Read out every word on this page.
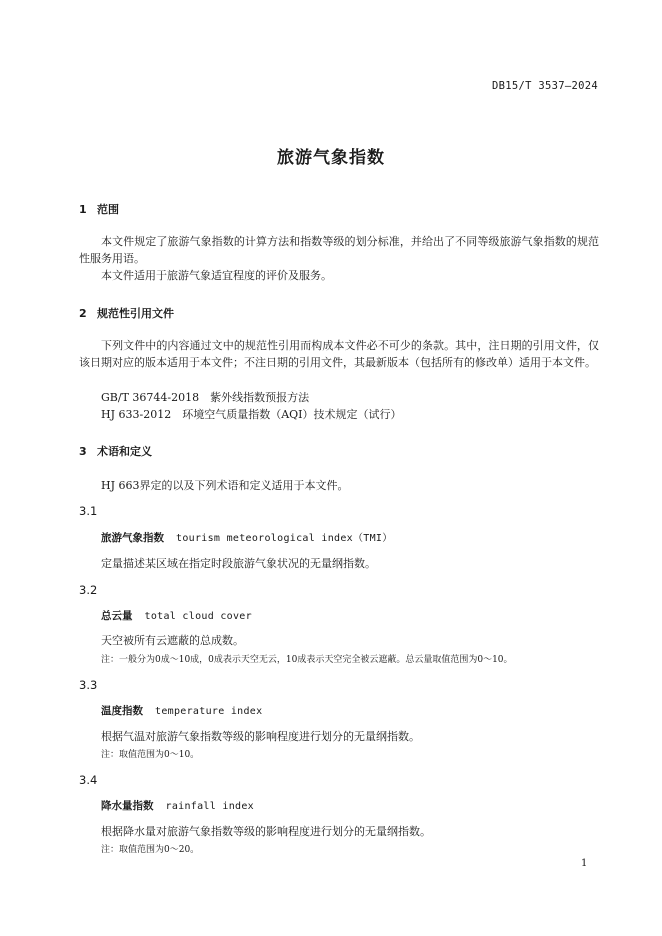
DB15/T 3537—2024
旅游气象指数
1 范围
本文件规定了旅游气象指数的计算方法和指数等级的划分标准，并给出了不同等级旅游气象指数的规范性服务用语。
本文件适用于旅游气象适宜程度的评价及服务。
2 规范性引用文件
下列文件中的内容通过文中的规范性引用而构成本文件必不可少的条款。其中，注日期的引用文件，仅该日期对应的版本适用于本文件；不注日期的引用文件，其最新版本（包括所有的修改单）适用于本文件。
GB/T 36744-2018　紫外线指数预报方法
HJ 633-2012　环境空气质量指数（AQI）技术规定（试行）
3 术语和定义
HJ 663界定的以及下列术语和定义适用于本文件。
3.1
旅游气象指数 tourism meteorological index（TMI）
定量描述某区域在指定时段旅游气象状况的无量纲指数。
3.2
总云量 total cloud cover
天空被所有云遮蔽的总成数。
注：一般分为0成～10成，0成表示天空无云，10成表示天空完全被云遮蔽。总云量取值范围为0～10。
3.3
温度指数 temperature index
根据气温对旅游气象指数等级的影响程度进行划分的无量纲指数。
注：取值范围为0～10。
3.4
降水量指数 rainfall index
根据降水量对旅游气象指数等级的影响程度进行划分的无量纲指数。
注：取值范围为0～20。
1
